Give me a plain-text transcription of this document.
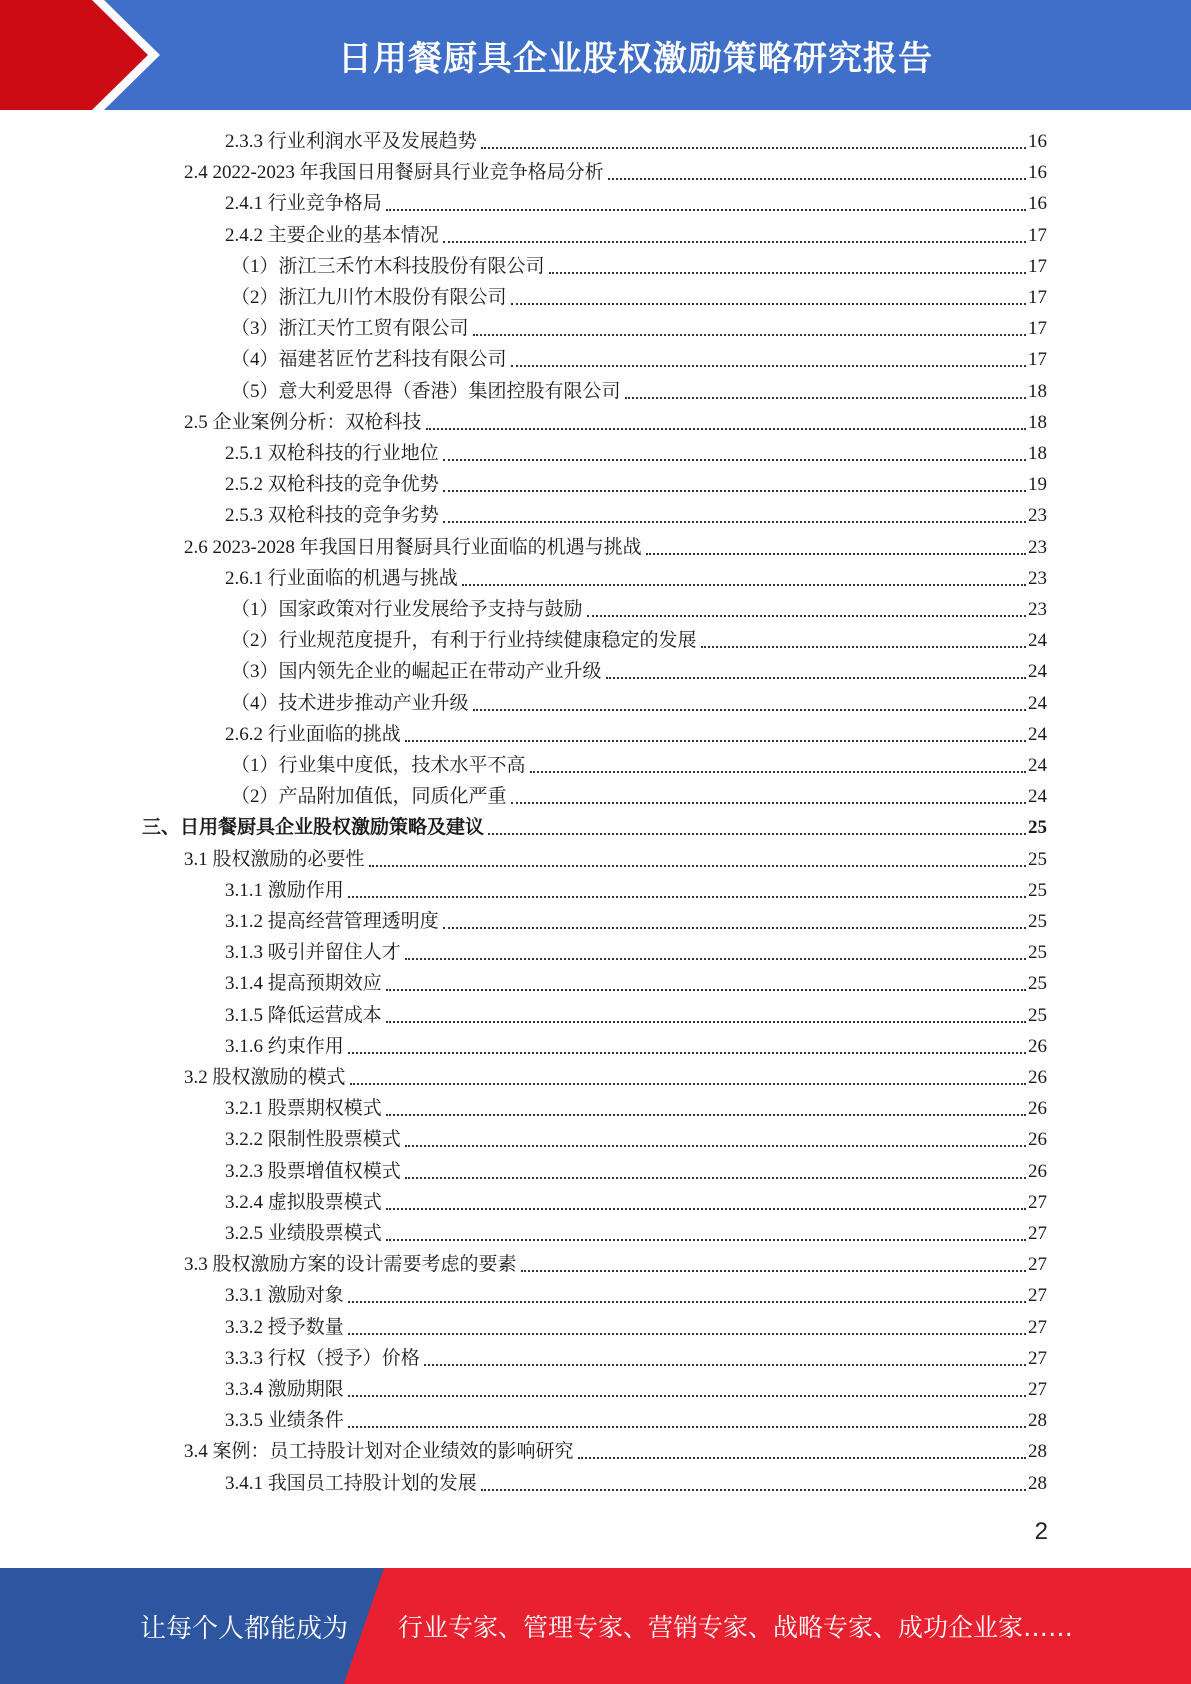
日用餐厨具企业股权激励策略研究报告
2.3.3 行业利润水平及发展趋势	16
2.4 2022-2023 年我国日用餐厨具行业竞争格局分析	16
2.4.1 行业竞争格局	16
2.4.2 主要企业的基本情况	17
（1）浙江三禾竹木科技股份有限公司	17
（2）浙江九川竹木股份有限公司	17
（3）浙江天竹工贸有限公司	17
（4）福建茗匠竹艺科技有限公司	17
（5）意大利爱思得（香港）集团控股有限公司	18
2.5 企业案例分析：双枪科技	18
2.5.1 双枪科技的行业地位	18
2.5.2 双枪科技的竞争优势	19
2.5.3 双枪科技的竞争劣势	23
2.6 2023-2028 年我国日用餐厨具行业面临的机遇与挑战	23
2.6.1 行业面临的机遇与挑战	23
（1）国家政策对行业发展给予支持与鼓励	23
（2）行业规范度提升，有利于行业持续健康稳定的发展	24
（3）国内领先企业的崛起正在带动产业升级	24
（4）技术进步推动产业升级	24
2.6.2 行业面临的挑战	24
（1）行业集中度低，技术水平不高	24
（2）产品附加值低，同质化严重	24
三、日用餐厨具企业股权激励策略及建议	25
3.1 股权激励的必要性	25
3.1.1 激励作用	25
3.1.2 提高经营管理透明度	25
3.1.3 吸引并留住人才	25
3.1.4 提高预期效应	25
3.1.5 降低运营成本	25
3.1.6 约束作用	26
3.2 股权激励的模式	26
3.2.1 股票期权模式	26
3.2.2 限制性股票模式	26
3.2.3 股票增值权模式	26
3.2.4 虚拟股票模式	27
3.2.5 业绩股票模式	27
3.3 股权激励方案的设计需要考虑的要素	27
3.3.1 激励对象	27
3.3.2 授予数量	27
3.3.3 行权（授予）价格	27
3.3.4 激励期限	27
3.3.5 业绩条件	28
3.4 案例：员工持股计划对企业绩效的影响研究	28
3.4.1 我国员工持股计划的发展	28
2
让每个人都能成为 行业专家、管理专家、营销专家、战略专家、成功企业家……
